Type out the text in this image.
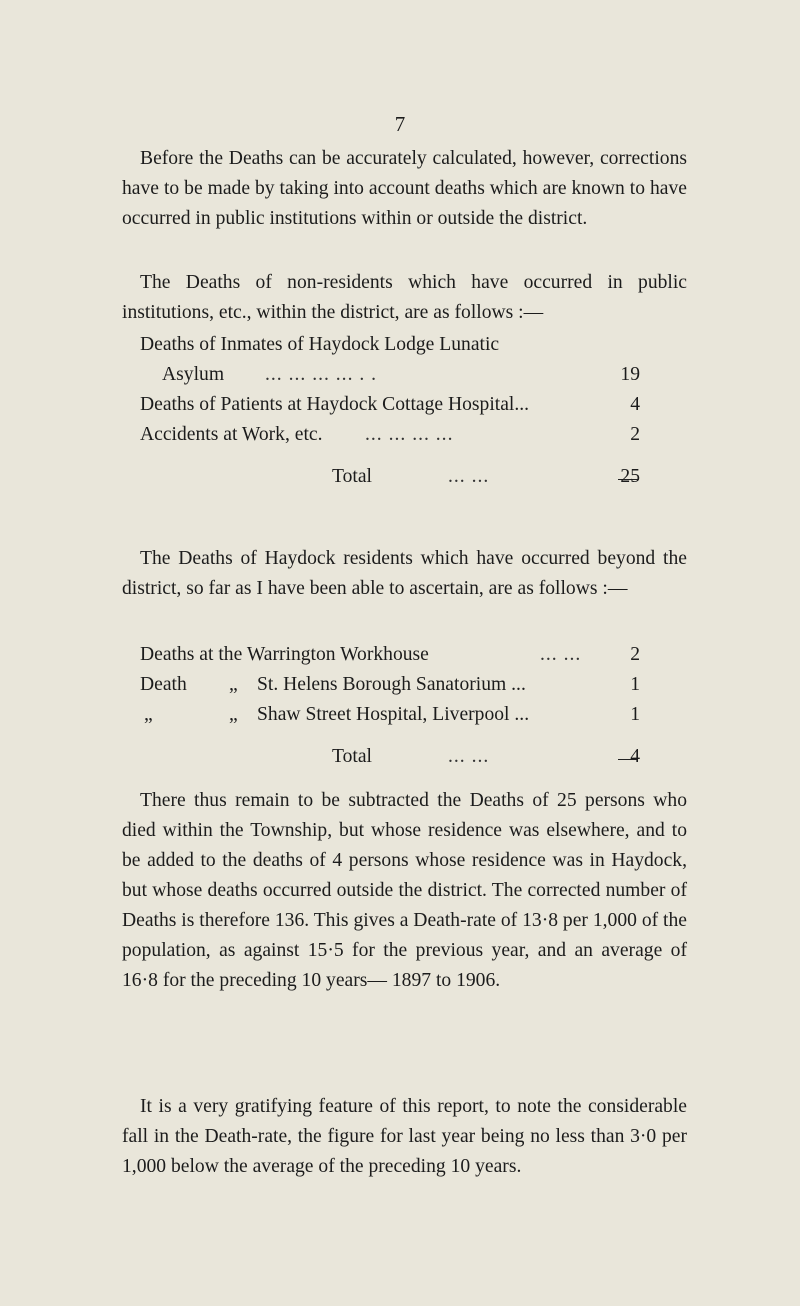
7

Before the Deaths can be accurately calculated, however, corrections have to be made by taking into account deaths which are known to have occurred in public institutions within or outside the district.

The Deaths of non-residents which have occurred in public institutions, etc., within the district, are as follows :—

Deaths of Inmates of Haydock Lodge Lunatic
Asylum ... ... ... ... . .	19
Deaths of Patients at Haydock Cottage Hospital...	4
Accidents at Work, etc. ... ... ... ...	2
Total	... ...	25

The Deaths of Haydock residents which have occurred beyond the district, so far as I have been able to ascertain, are as follows :—

Deaths at the Warrington Workhouse	... ...	2
Death „ St. Helens Borough Sanatorium ...	1
„	„ Shaw Street Hospital, Liverpool ...	1
Total	... ...	4

There thus remain to be subtracted the Deaths of 25 persons who died within the Township, but whose residence was elsewhere, and to be added to the deaths of 4 persons whose residence was in Haydock, but whose deaths occurred outside the district. The corrected number of Deaths is therefore 136. This gives a Death-rate of 13·8 per 1,000 of the population, as against 15·5 for the previous year, and an average of 16·8 for the preceding 10 years— 1897 to 1906.

It is a very gratifying feature of this report, to note the considerable fall in the Death-rate, the figure for last year being no less than 3·0 per 1,000 below the average of the preceding 10 years.
